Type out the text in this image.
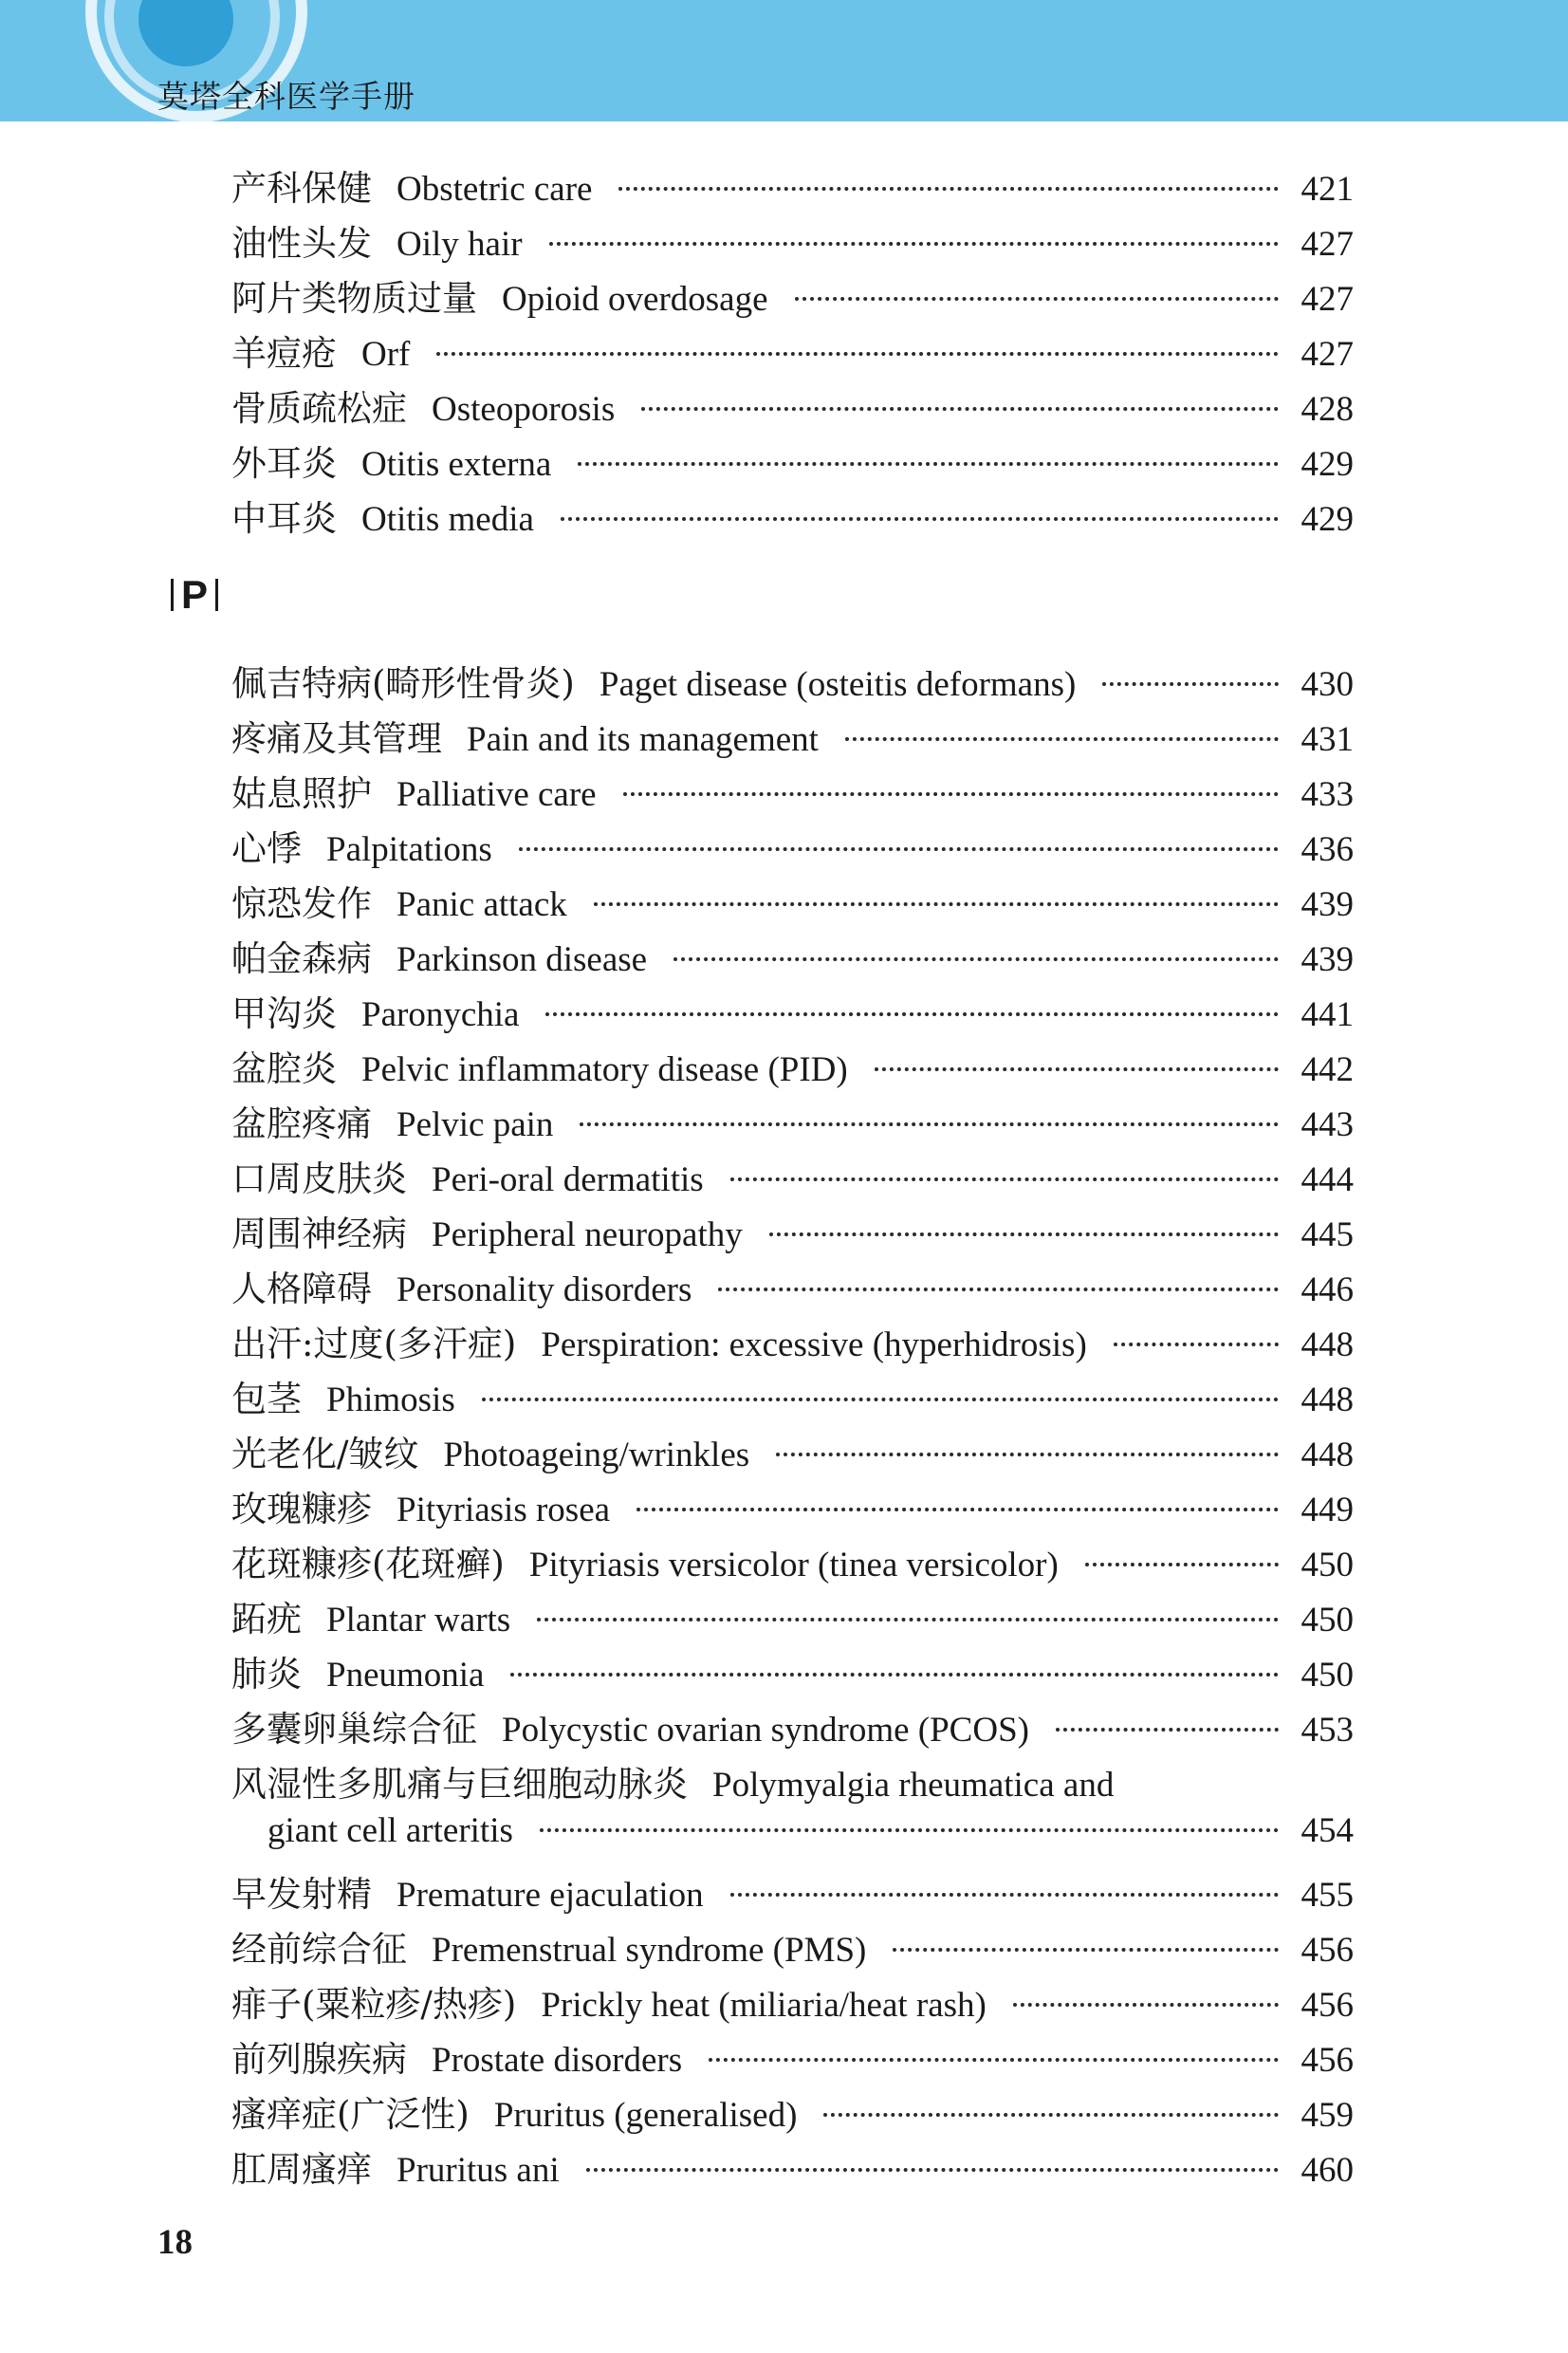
莫塔全科医学手册
产科保健 Obstetric care	421
油性头发 Oily hair	427
阿片类物质过量 Opioid overdosage	427
羊痘疮 Orf	427
骨质疏松症 Osteoporosis	428
外耳炎 Otitis externa	429
中耳炎 Otitis media	429
P
佩吉特病(畸形性骨炎) Paget disease (osteitis deformans)	430
疼痛及其管理 Pain and its management	431
姑息照护 Palliative care	433
心悸 Palpitations	436
惊恐发作 Panic attack	439
帕金森病 Parkinson disease	439
甲沟炎 Paronychia	441
盆腔炎 Pelvic inflammatory disease (PID)	442
盆腔疼痛 Pelvic pain	443
口周皮肤炎 Peri-oral dermatitis	444
周围神经病 Peripheral neuropathy	445
人格障碍 Personality disorders	446
出汗:过度(多汗症) Perspiration: excessive (hyperhidrosis)	448
包茎 Phimosis	448
光老化/皱纹 Photoageing/wrinkles	448
玫瑰糠疹 Pityriasis rosea	449
花斑糠疹(花斑癣) Pityriasis versicolor (tinea versicolor)	450
跖疣 Plantar warts	450
肺炎 Pneumonia	450
多囊卵巢综合征 Polycystic ovarian syndrome (PCOS)	453
风湿性多肌痛与巨细胞动脉炎 Polymyalgia rheumatica and
giant cell arteritis	454
早发射精 Premature ejaculation	455
经前综合征 Premenstrual syndrome (PMS)	456
痱子(粟粒疹/热疹) Prickly heat (miliaria/heat rash)	456
前列腺疾病 Prostate disorders	456
瘙痒症(广泛性) Pruritus (generalised)	459
肛周瘙痒 Pruritus ani	460
18
